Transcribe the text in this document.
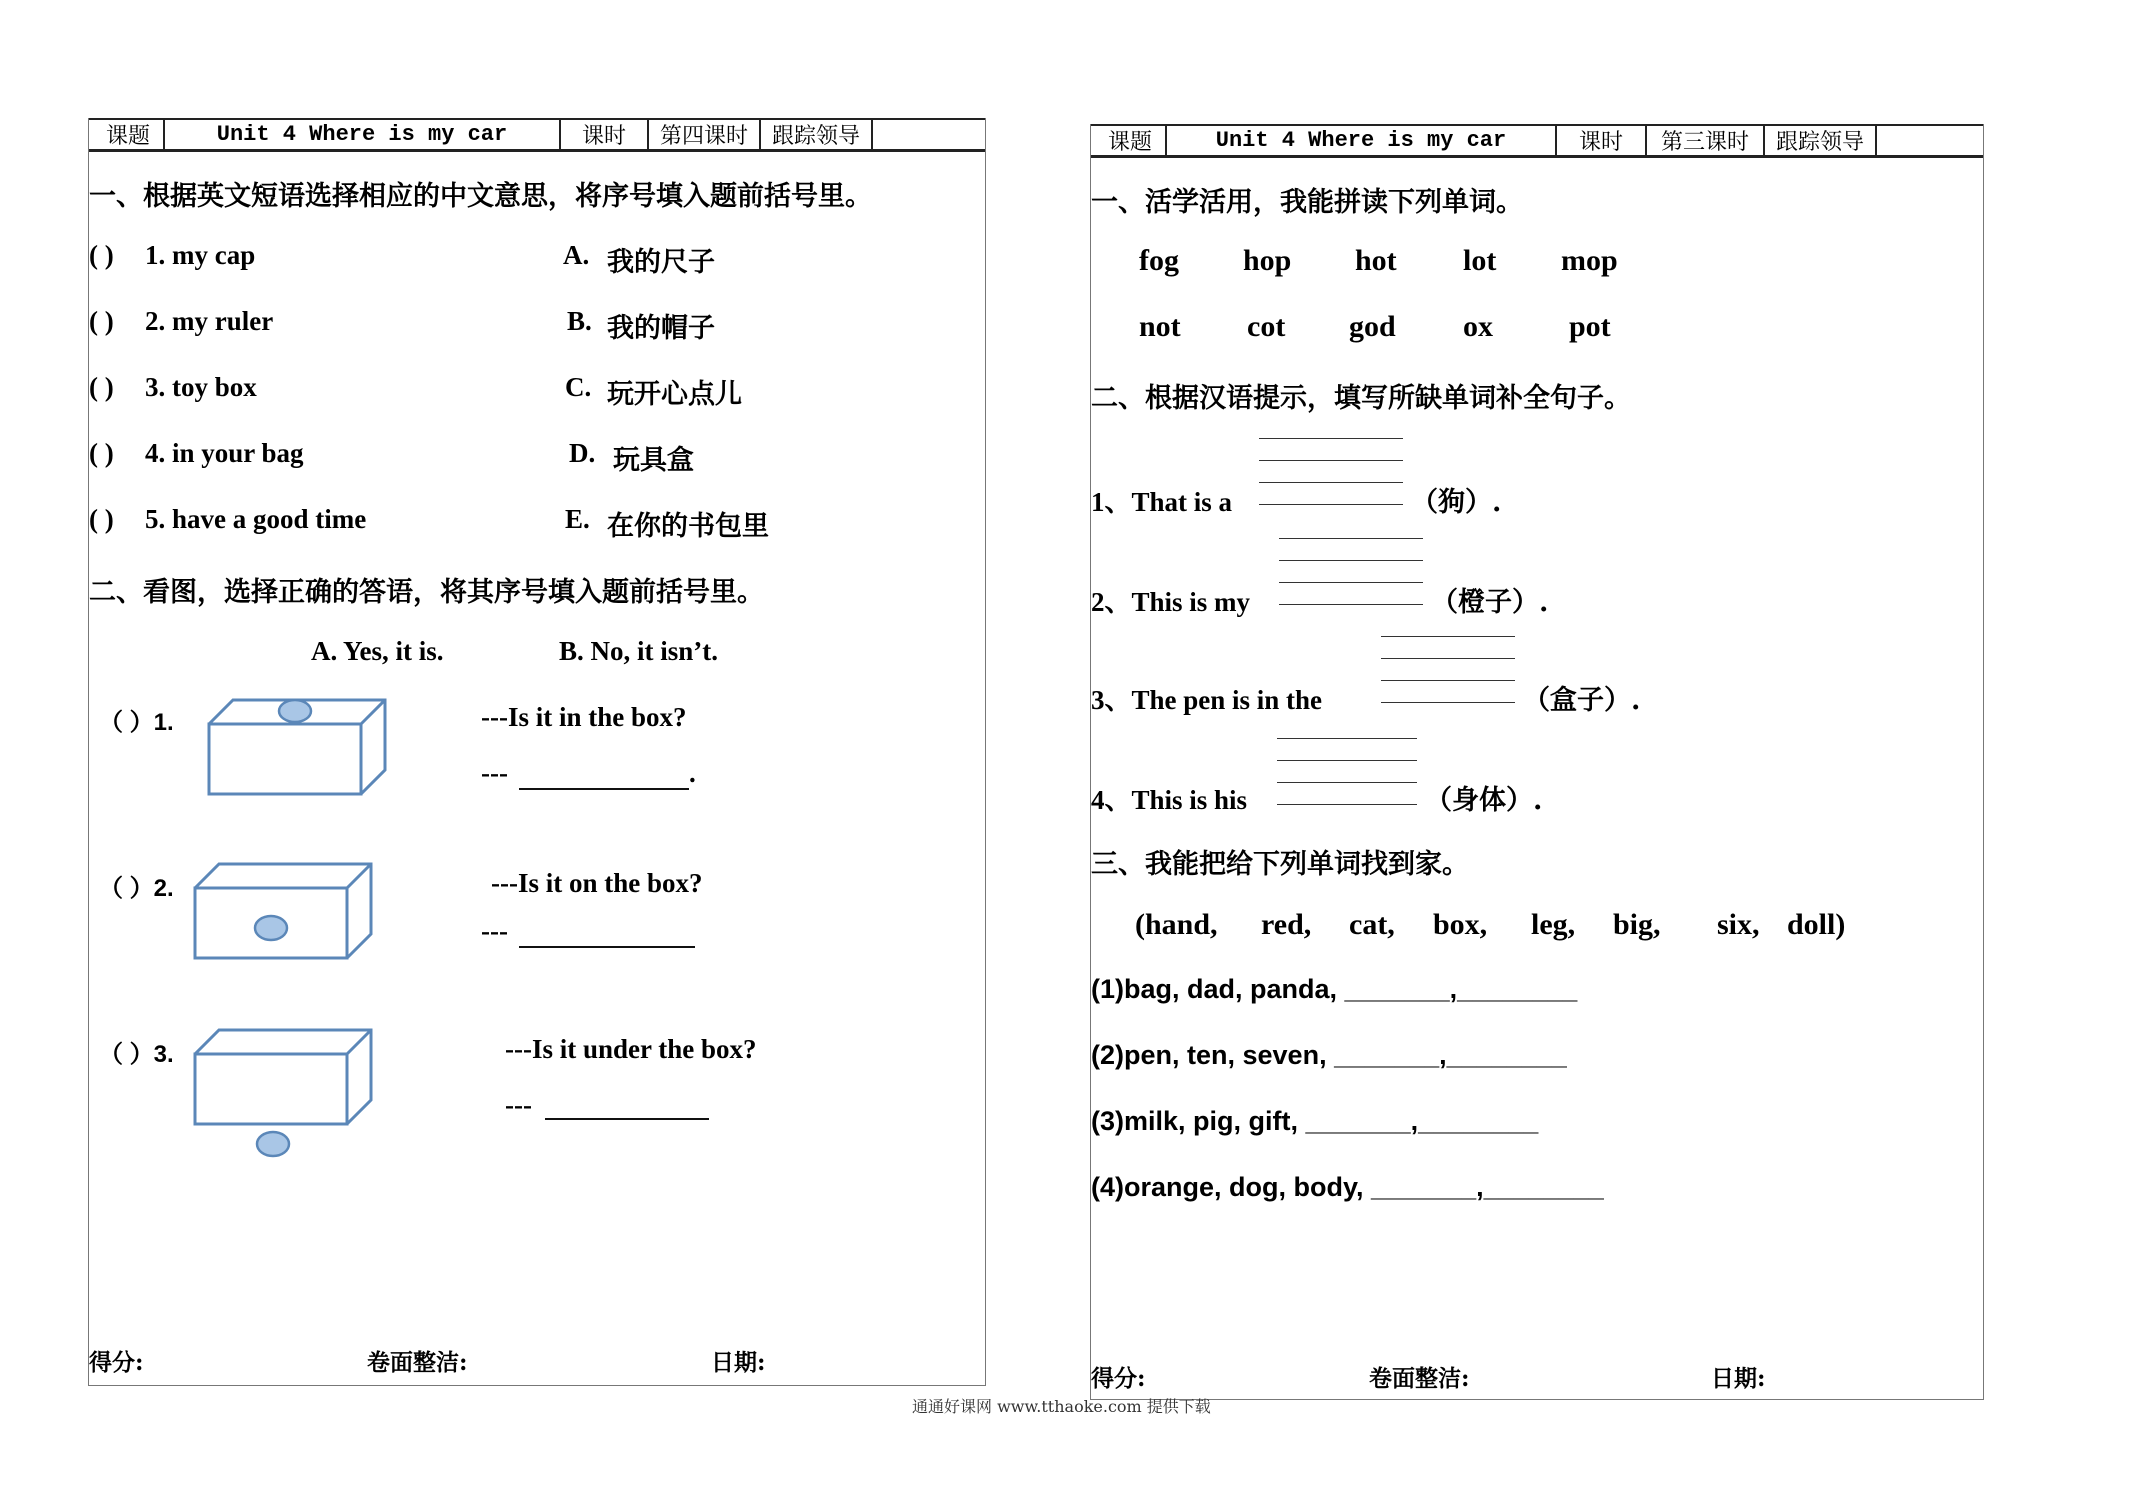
课题	Unit 4 Where is my car	课时	第四课时	跟踪领导
一、根据英文短语选择相应的中文意思，将序号填入题前括号里。
( ) 1. my cap	A. 我的尺子
( ) 2. my ruler	B. 我的帽子
( ) 3. toy box	C. 玩开心点儿
( ) 4. in your bag	D. 玩具盒
( ) 5. have a good time	E. 在你的书包里
二、看图，选择正确的答语，将其序号填入题前括号里。
A. Yes, it is.	B. No, it isn’t.
（ ）1.	---Is it in the box?
---	.
（ ）2.	---Is it on the box?
---
（ ）3.	---Is it under the box?
---
得分:	卷面整洁:	日期:
课题	Unit 4 Where is my car	课时	第三课时	跟踪领导
一、活学活用，我能拼读下列单词。
fog hop hot lot mop
not cot god ox	pot
二、根据汉语提示，填写所缺单词补全句子。
1、That is a	（狗）.
2、This is my	（橙子）.
3、The pen is in the	（盒子）.
4、This is his	（身体）.
三、我能把给下列单词找到家。
(hand, red, cat, box, leg, big, six, doll)
(1)bag, dad, panda, _______,________
(2)pen, ten, seven, _______,________
(3)milk, pig, gift, _______,________
(4)orange, dog, body, _______,________
得分:	卷面整洁:	日期:
通通好课网 www.tthaoke.com 提供下载
